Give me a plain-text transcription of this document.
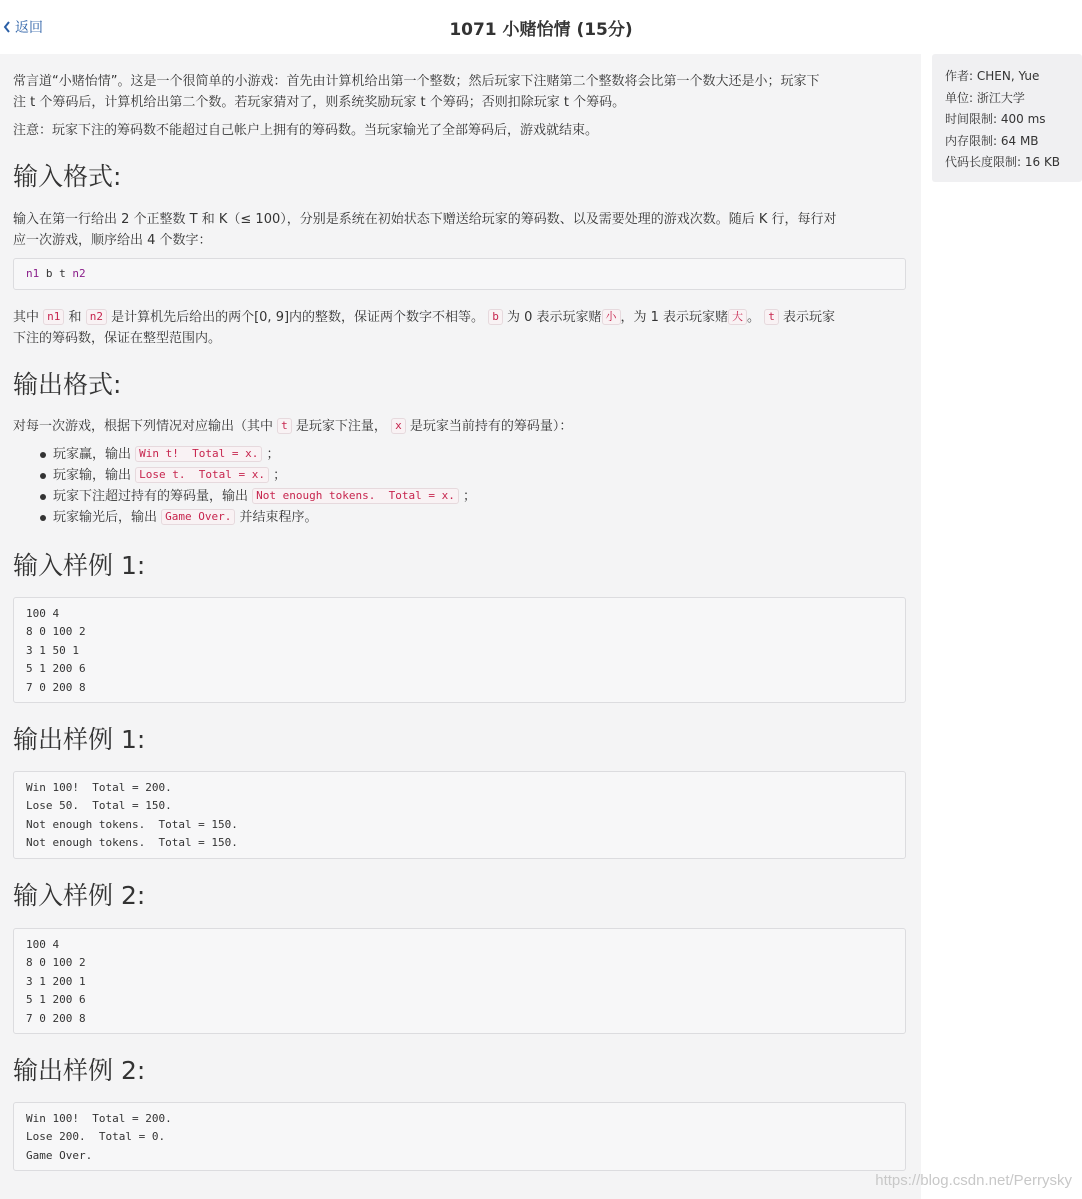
返回	1071 小赌怡情 (15分)

常言道“小赌怡情”。这是一个很简单的小游戏：首先由计算机给出第一个整数；然后玩家下注赌第二个整数将会比第一个数大还是小；玩家下
注 t 个筹码后，计算机给出第二个数。若玩家猜对了，则系统奖励玩家 t 个筹码；否则扣除玩家 t 个筹码。

注意：玩家下注的筹码数不能超过自己帐户上拥有的筹码数。当玩家输光了全部筹码后，游戏就结束。

输入格式:

输入在第一行给出 2 个正整数 T 和 K（≤ 100），分别是系统在初始状态下赠送给玩家的筹码数、以及需要处理的游戏次数。随后 K 行，每行对
应一次游戏，顺序给出 4 个数字：

n1 b t n2

其中 n1 和 n2 是计算机先后给出的两个[0, 9]内的整数，保证两个数字不相等。 b 为 0 表示玩家赌 小 ，为 1 表示玩家赌 大 。 t 表示玩家
下注的筹码数，保证在整型范围内。

输出格式:

对每一次游戏，根据下列情况对应输出（其中 t 是玩家下注量， x 是玩家当前持有的筹码量）：

玩家赢，输出 Win t!  Total = x. ；
玩家输，输出 Lose t.  Total = x. ；
玩家下注超过持有的筹码量，输出 Not enough tokens.  Total = x. ；
玩家输光后，输出 Game Over. 并结束程序。
输入样例 1:
100 4
8 0 100 2
3 1 50 1
5 1 200 6
7 0 200 8
输出样例 1:
Win 100!  Total = 200.
Lose 50.  Total = 150.
Not enough tokens.  Total = 150.
Not enough tokens.  Total = 150.
输入样例 2:
100 4
8 0 100 2
3 1 200 1
5 1 200 6
7 0 200 8
输出样例 2:
Win 100!  Total = 200.
Lose 200.  Total = 0.
Game Over.
作者: CHEN, Yue
单位: 浙江大学
时间限制: 400 ms
内存限制: 64 MB
代码长度限制: 16 KB
https://blog.csdn.net/Perrysky
